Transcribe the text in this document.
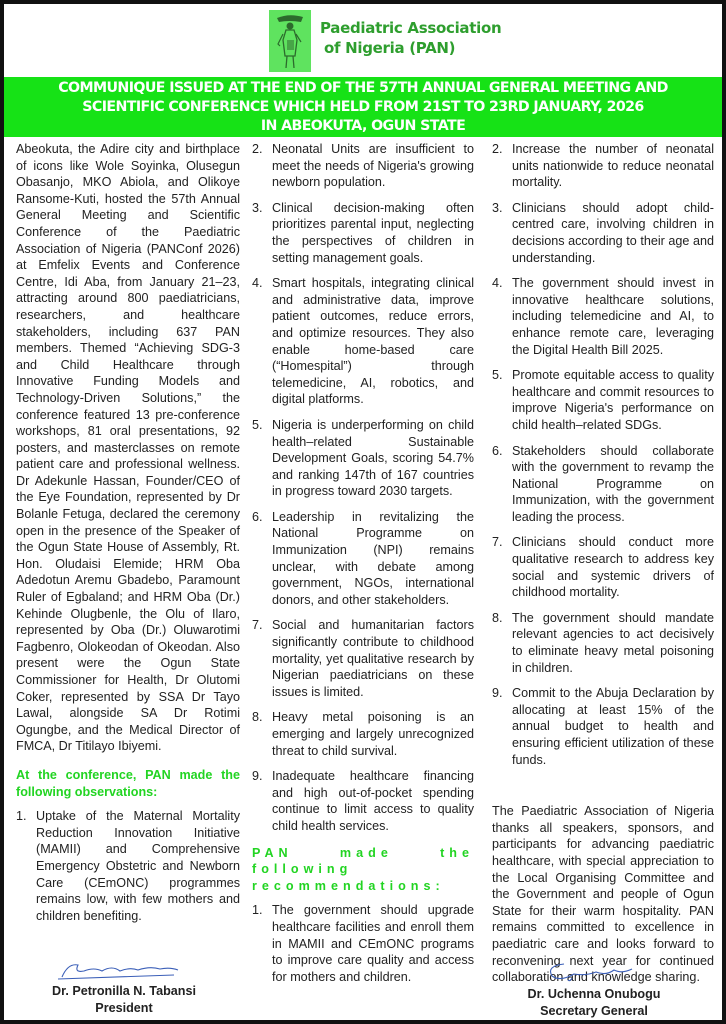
Paediatric Association
of Nigeria (PAN)
COMMUNIQUE ISSUED AT THE END OF THE 57TH ANNUAL GENERAL MEETING AND
SCIENTIFIC CONFERENCE WHICH HELD FROM 21ST TO 23RD JANUARY, 2026
IN ABEOKUTA, OGUN STATE

Abeokuta, the Adire city and birthplace of icons like Wole Soyinka, Olusegun Obasanjo, MKO Abiola, and Olikoye Ransome-Kuti, hosted the 57th Annual General Meeting and Scientific Conference of the Paediatric Association of Nigeria (PANConf 2026) at Emfelix Events and Conference Centre, Idi Aba, from January 21–23, attracting around 800 paediatricians, researchers, and healthcare stakeholders, including 637 PAN members. Themed “Achieving SDG-3 and Child Healthcare through Innovative Funding Models and Technology-Driven Solutions,” the conference featured 13 pre-conference workshops, 81 oral presentations, 92 posters, and masterclasses on remote patient care and professional wellness. Dr Adekunle Hassan, Founder/CEO of the Eye Foundation, represented by Dr Bolanle Fetuga, declared the ceremony open in the presence of the Speaker of the Ogun State House of Assembly, Rt. Hon. Oludaisi Elemide; HRM Oba Adedotun Aremu Gbadebo, Paramount Ruler of Egbaland; and HRM Oba (Dr.) Kehinde Olugbenle, the Olu of Ilaro, represented by Oba (Dr.) Oluwarotimi Fagbenro, Olokeodan of Okeodan. Also present were the Ogun State Commissioner for Health, Dr Olutomi Coker, represented by SSA Dr Tayo Lawal, alongside SA Dr Rotimi Ogungbe, and the Medical Director of FMCA, Dr Titilayo Ibiyemi.

At the conference, PAN made the following observations:

1. Uptake of the Maternal Mortality Reduction Innovation Initiative (MAMII) and Comprehensive Emergency Obstetric and Newborn Care (CEmONC) programmes remains low, with few mothers and children benefiting.
2. Neonatal Units are insufficient to meet the needs of Nigeria's growing newborn population.
3. Clinical decision-making often prioritizes parental input, neglecting the perspectives of children in setting management goals.
4. Smart hospitals, integrating clinical and administrative data, improve patient outcomes, reduce errors, and optimize resources. They also enable home-based care (“Homespital”) through telemedicine, AI, robotics, and digital platforms.
5. Nigeria is underperforming on child health–related Sustainable Development Goals, scoring 54.7% and ranking 147th of 167 countries in progress toward 2030 targets.
6. Leadership in revitalizing the National Programme on Immunization (NPI) remains unclear, with debate among government, NGOs, international donors, and other stakeholders.
7. Social and humanitarian factors significantly contribute to childhood mortality, yet qualitative research by Nigerian paediatricians on these issues is limited.
8. Heavy metal poisoning is an emerging and largely unrecognized threat to child survival.
9. Inadequate healthcare financing and high out-of-pocket spending continue to limit access to quality child health services.

PAN made the following recommendations:

1. The government should upgrade healthcare facilities and enroll them in MAMII and CEmONC programs to improve care quality and access for mothers and children.
2. Increase the number of neonatal units nationwide to reduce neonatal mortality.
3. Clinicians should adopt child-centred care, involving children in decisions according to their age and understanding.
4. The government should invest in innovative healthcare solutions, including telemedicine and AI, to enhance remote care, leveraging the Digital Health Bill 2025.
5. Promote equitable access to quality healthcare and commit resources to improve Nigeria's performance on child health–related SDGs.
6. Stakeholders should collaborate with the government to revamp the National Programme on Immunization, with the government leading the process.
7. Clinicians should conduct more qualitative research to address key social and systemic drivers of childhood mortality.
8. The government should mandate relevant agencies to act decisively to eliminate heavy metal poisoning in children.
9. Commit to the Abuja Declaration by allocating at least 15% of the annual budget to health and ensuring efficient utilization of these funds.

The Paediatric Association of Nigeria thanks all speakers, sponsors, and participants for advancing paediatric healthcare, with special appreciation to the Local Organising Committee and the Government and people of Ogun State for their warm hospitality. PAN remains committed to excellence in paediatric care and looks forward to reconvening next year for continued collaboration and knowledge sharing.

Dr. Petronilla N. Tabansi
President
Dr. Uchenna Onubogu
Secretary General
